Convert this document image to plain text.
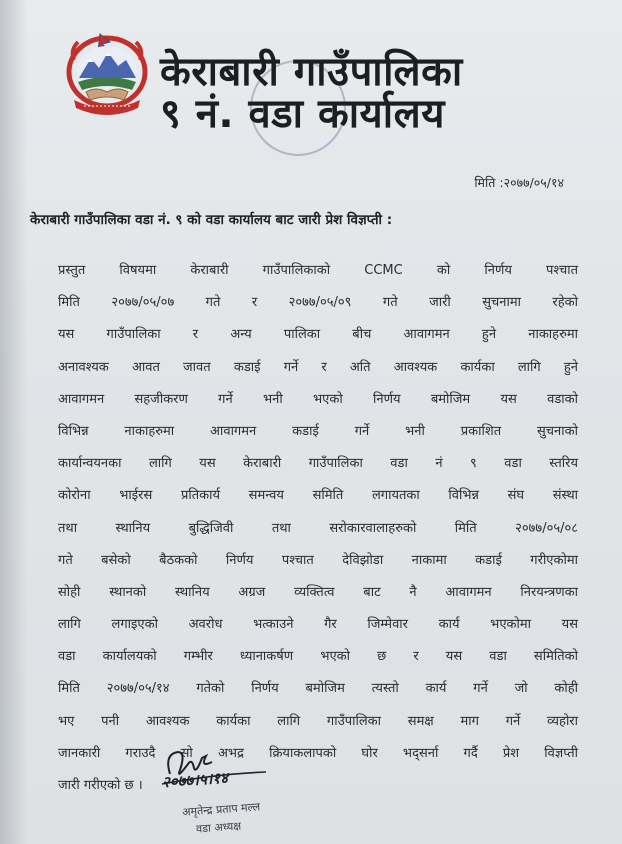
केराबारी गाउँपालिका
९ नं. वडा कार्यालय
मिति :२०७७/०५/१४
केराबारी गाउँपालिका वडा नं. ९ को वडा कार्यालय बाट जारी प्रेश विज्ञप्ती :
प्रस्तुत विषयमा केराबारी गाउँपालिकाको CCMC को निर्णय पश्चात
मिति २०७७/०५/०७ गते र २०७७/०५/०९ गते जारी सुचनामा रहेको
यस गाउँपालिका र अन्य पालिका बीच आवागमन हुने नाकाहरुमा
अनावश्यक आवत जावत कडाई गर्ने र अति आवश्यक कार्यका लागि हुने
आवागमन सहजीकरण गर्ने भनी भएको निर्णय बमोजिम यस वडाको
विभिन्न नाकाहरुमा आवागमन कडाई गर्ने भनी प्रकाशित सुचनाको
कार्यान्वयनका लागि यस केराबारी गाउँपालिका वडा नं ९ वडा स्तरिय
कोरोना भाईरस प्रतिकार्य समन्वय समिति लगायतका विभिन्न संघ संस्था
तथा स्थानिय बुद्धिजिवी तथा सरोकारवालाहरुको मिति २०७७/०५/०८
गते बसेको बैठकको निर्णय पश्चात देविझोडा नाकामा कडाई गरीएकोमा
सोही स्थानको स्थानिय अग्रज व्यक्तित्व बाट नै आवागमन निरयन्त्रणका
लागि लगाइएको अवरोध भत्काउने गैर जिम्मेवार कार्य भएकोमा यस
वडा कार्यालयको गम्भीर ध्यानाकर्षण भएको छ र यस वडा समितिको
मिति २०७७/०५/१४ गतेको निर्णय बमोजिम त्यस्तो कार्य गर्ने जो कोही
भए पनी आवश्यक कार्यका लागि गाउँपालिका समक्ष माग गर्ने व्यहोरा
जानकारी गराउदै सो अभद्र क्रियाकलापको घोर भद्सर्ना गर्दै प्रेश विज्ञप्ती
जारी गरीएको छ ।	२०७७।५।१४
अमृतेन्द्र प्रताप मल्ल
वडा अध्यक्ष
